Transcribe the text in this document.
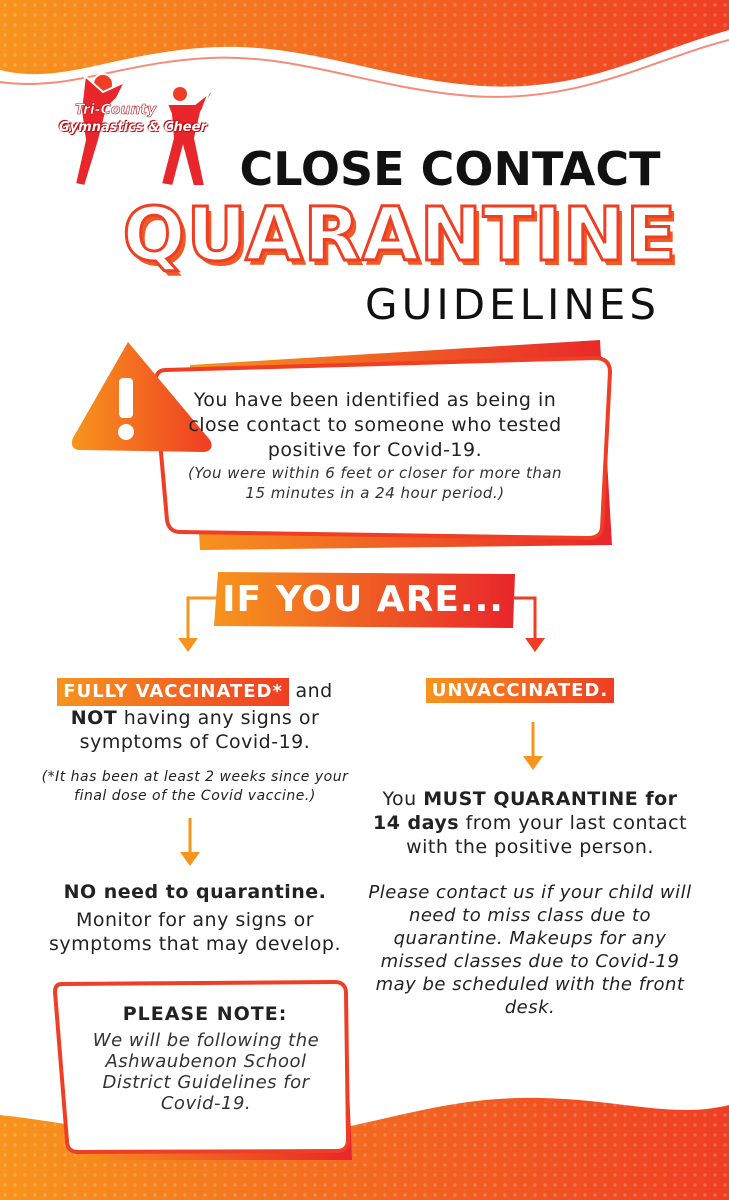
Tri-County
Gymnastics & Cheer
CLOSE CONTACT
QUARANTINE
GUIDELINES
You have been identified as being in close contact to someone who tested positive for Covid-19.
(You were within 6 feet or closer for more than 15 minutes in a 24 hour period.)
IF YOU ARE...
FULLY VACCINATED* and
NOT having any signs or symptoms of Covid-19.
(*It has been at least 2 weeks since your final dose of the Covid vaccine.)
NO need to quarantine.
Monitor for any signs or symptoms that may develop.
UNVACCINATED.
You MUST QUARANTINE for
14 days from your last contact with the positive person.
Please contact us if your child will need to miss class due to quarantine. Makeups for any missed classes due to Covid-19 may be scheduled with the front desk.
PLEASE NOTE:
We will be following the Ashwaubenon School District Guidelines for Covid-19.
